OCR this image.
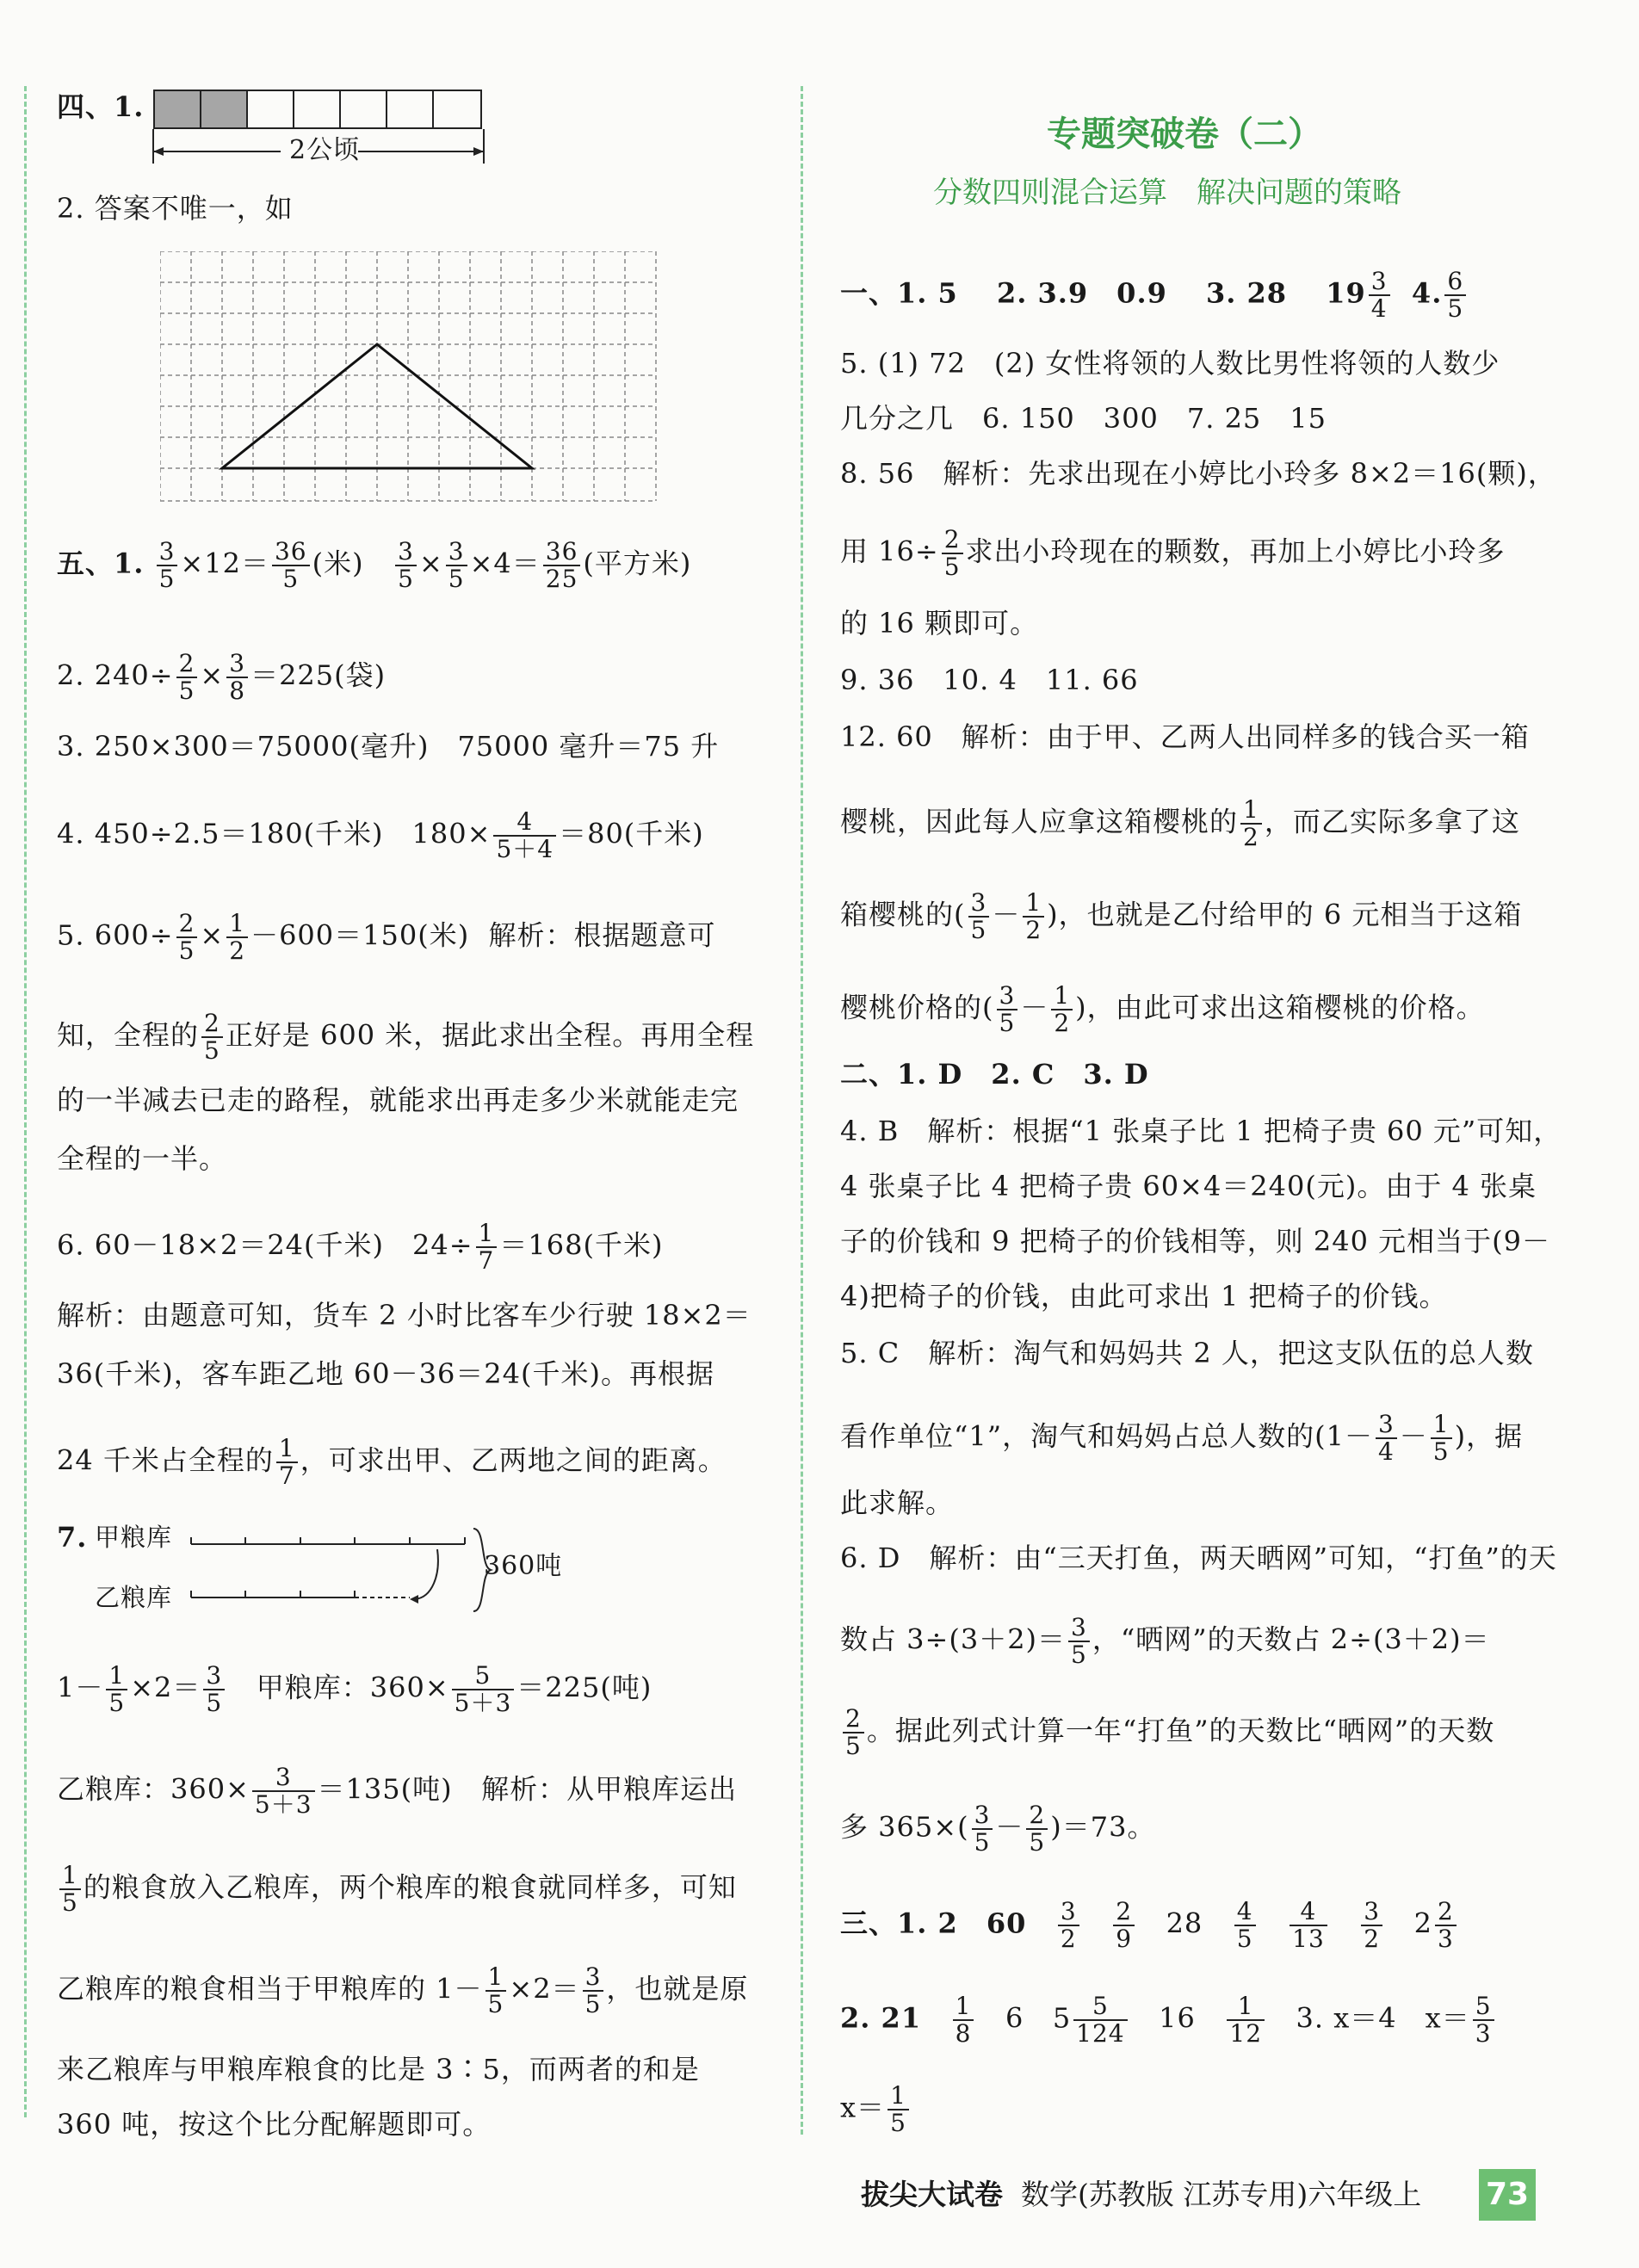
四、1.
2公顷
2. 答案不唯一，如
五、1. $\frac{3}{5} \times 12= \frac{36}{5}$ (米) $\frac{3}{5} \times \frac{3}{5} \times 4= \frac{36}{25}$ (平方米)
2. $240\div \frac{2}{5} \times \frac{3}{8} =225$(袋)
3. 250×300＝75000(毫升)　75000 毫升＝75 升
4. 450÷2.5＝180(千米)　$180\times \frac{4}{5+4} =80$(千米)
5. $600\div \frac{2}{5} \times \frac{1}{2} -600=150$(米) 解析：根据题意可
知，全程的 $\frac{2}{5}$ 正好是 600 米，据此求出全程。再用全程
的一半减去已走的路程，就能求出再走多少米就能走完
全程的一半。
6. 60－18×2＝24(千米)　$24\div \frac{1}{7} =168$(千米)
解析：由题意可知，货车 2 小时比客车少行驶 18×2＝
36(千米)，客车距乙地 60－36＝24(千米)。再根据
24 千米占全程的 $\frac{1}{7}$ ，可求出甲、乙两地之间的距离。
7. 甲粮库
乙粮库
360吨
$1- \frac{1}{5} \times 2= \frac{3}{5}$ 甲粮库：$360\times \frac{5}{5+3} =225$(吨)
乙粮库：$360\times \frac{3}{5+3} =135$(吨) 解析：从甲粮库运出
$\frac{1}{5}$ 的粮食放入乙粮库，两个粮库的粮食就同样多，可知
乙粮库的粮食相当于甲粮库的 $1- \frac{1}{5} \times 2= \frac{3}{5}$ ，也就是原
来乙粮库与甲粮库粮食的比是 3∶5，而两者的和是
360 吨，按这个比分配解题即可。
专题突破卷（二）
分数四则混合运算　解决问题的策略
一、1. 5　 2. 3.9　0.9　 3. 28　 $19 \frac{3}{4} 4$. $\frac{6}{5}$
5. (1) 72　(2) 女性将领的人数比男性将领的人数少
几分之几　6. 150　300　7. 25　15
8. 56　解析：先求出现在小婷比小玲多 8×2＝16(颗)，
用 $16\div \frac{2}{5}$ 求出小玲现在的颗数，再加上小婷比小玲多
的 16 颗即可。
9. 36　10. 4　11. 66
12. 60　解析：由于甲、乙两人出同样多的钱合买一箱
樱桃，因此每人应拿这箱樱桃的 $\frac{1}{2}$ ，而乙实际多拿了这
箱樱桃的( $\frac{3}{5} - \frac{1}{2}$ )，也就是乙付给甲的 6 元相当于这箱
樱桃价格的( $\frac{3}{5} - \frac{1}{2}$ )，由此可求出这箱樱桃的价格。
二、1. D　2. C　3. D
4. B　解析：根据“1 张桌子比 1 把椅子贵 60 元”可知，
4 张桌子比 4 把椅子贵 60×4＝240(元)。由于 4 张桌
子的价钱和 9 把椅子的价钱相等，则 240 元相当于(9－
4)把椅子的价钱，由此可求出 1 把椅子的价钱。
5. C　解析：淘气和妈妈共 2 人，把这支队伍的总人数
看作单位“1”，淘气和妈妈占总人数的($1- \frac{3}{4} - \frac{1}{5}$ )，据
此求解。
6. D　解析：由“三天打鱼，两天晒网”可知，“打鱼”的天
数占 $3\div(3+2)= \frac{3}{5}$ ，“晒网”的天数占 2÷(3＋2)＝
$\frac{2}{5}$ 。据此列式计算一年“打鱼”的天数比“晒网”的天数
多 $365\times( \frac{3}{5} - \frac{2}{5} )=73$。
三、1. 2　$60 \frac{3}{2}$
$\frac{2}{9} 28 \frac{4}{5}$
$\frac{4}{13}$
$\frac{3}{2} 2 \frac{2}{3}$
2. $21 \frac{1}{8} 6$   $5 \frac{5}{124} 16 \frac{1}{12} 3$. x＝4　$x= \frac{5}{3}$
$x= \frac{1}{5}$
拔尖大试卷 数学(苏教版 江苏专用)六年级上 73
